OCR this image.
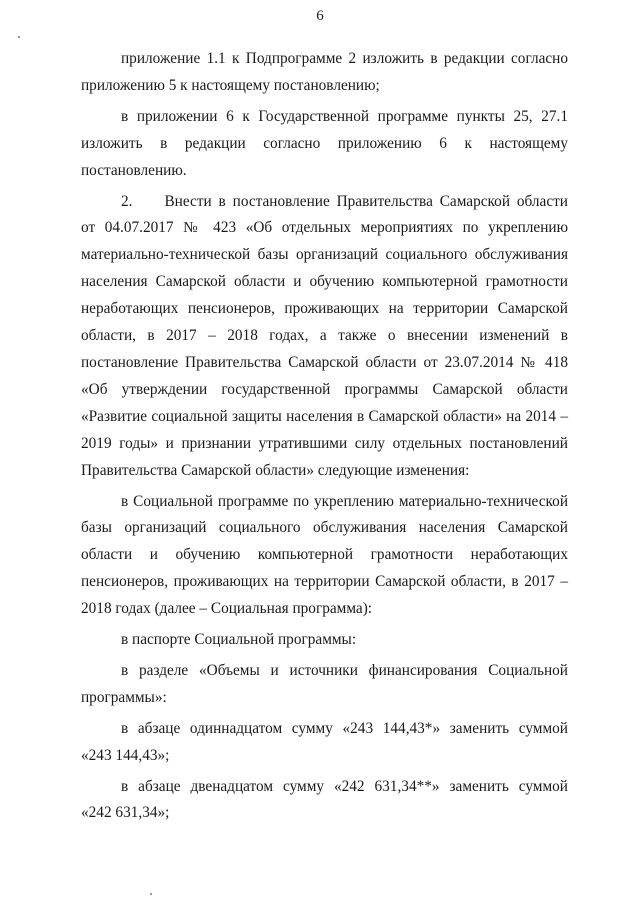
6
приложение 1.1 к Подпрограмме 2 изложить в редакции согласно
приложению 5 к настоящему постановлению;
в приложении 6 к Государственной программе пункты 25, 27.1
изложить в редакции согласно приложению 6 к настоящему
постановлению.
2. Внести в постановление Правительства Самарской области
от 04.07.2017 № 423 «Об отдельных мероприятиях по укреплению
материально-технической базы организаций социального обслуживания
населения Самарской области и обучению компьютерной грамотности
неработающих пенсионеров, проживающих на территории Самарской
области, в 2017 – 2018 годах, а также о внесении изменений в
постановление Правительства Самарской области от 23.07.2014 № 418
«Об утверждении государственной программы Самарской области
«Развитие социальной защиты населения в Самарской области» на 2014 –
2019 годы» и признании утратившими силу отдельных постановлений
Правительства Самарской области» следующие изменения:
в Социальной программе по укреплению материально-технической
базы организаций социального обслуживания населения Самарской
области и обучению компьютерной грамотности неработающих
пенсионеров, проживающих на территории Самарской области, в 2017 –
2018 годах (далее – Социальная программа):
в паспорте Социальной программы:
в разделе «Объемы и источники финансирования Социальной
программы»:
в абзаце одиннадцатом сумму «243 144,43*» заменить суммой
«243 144,43»;
в абзаце двенадцатом сумму «242 631,34**» заменить суммой
«242 631,34»;
